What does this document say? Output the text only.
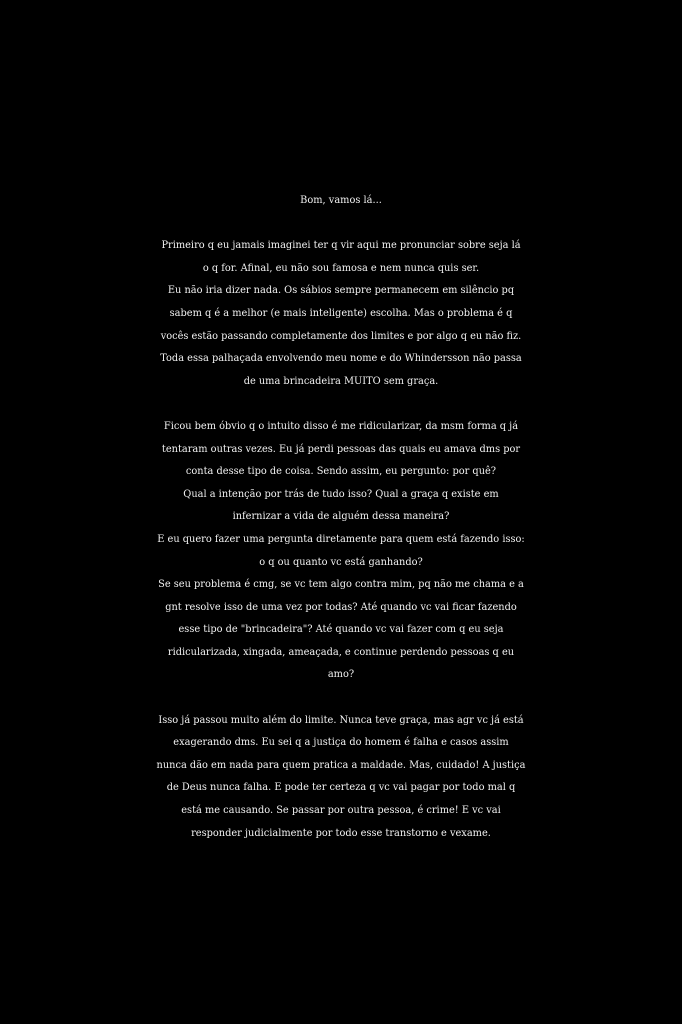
Bom, vamos lá...
Primeiro q eu jamais imaginei ter q vir aqui me pronunciar sobre seja lá
o q for. Afinal, eu não sou famosa e nem nunca quis ser.
Eu não iria dizer nada. Os sábios sempre permanecem em silêncio pq
sabem q é a melhor (e mais inteligente) escolha. Mas o problema é q
vocês estão passando completamente dos limites e por algo q eu não fiz.
Toda essa palhaçada envolvendo meu nome e do Whindersson não passa
de uma brincadeira MUITO sem graça.
Ficou bem óbvio q o intuito disso é me ridicularizar, da msm forma q já
tentaram outras vezes. Eu já perdi pessoas das quais eu amava dms por
conta desse tipo de coisa. Sendo assim, eu pergunto: por quê?
Qual a intenção por trás de tudo isso? Qual a graça q existe em
infernizar a vida de alguém dessa maneira?
E eu quero fazer uma pergunta diretamente para quem está fazendo isso:
o q ou quanto vc está ganhando?
Se seu problema é cmg, se vc tem algo contra mim, pq não me chama e a
gnt resolve isso de uma vez por todas? Até quando vc vai ficar fazendo
esse tipo de "brincadeira"? Até quando vc vai fazer com q eu seja
ridicularizada, xingada, ameaçada, e continue perdendo pessoas q eu
amo?
Isso já passou muito além do limite. Nunca teve graça, mas agr vc já está
exagerando dms. Eu sei q a justiça do homem é falha e casos assim
nunca dão em nada para quem pratica a maldade. Mas, cuidado! A justiça
de Deus nunca falha. E pode ter certeza q vc vai pagar por todo mal q
está me causando. Se passar por outra pessoa, é crime! E vc vai
responder judicialmente por todo esse transtorno e vexame.
